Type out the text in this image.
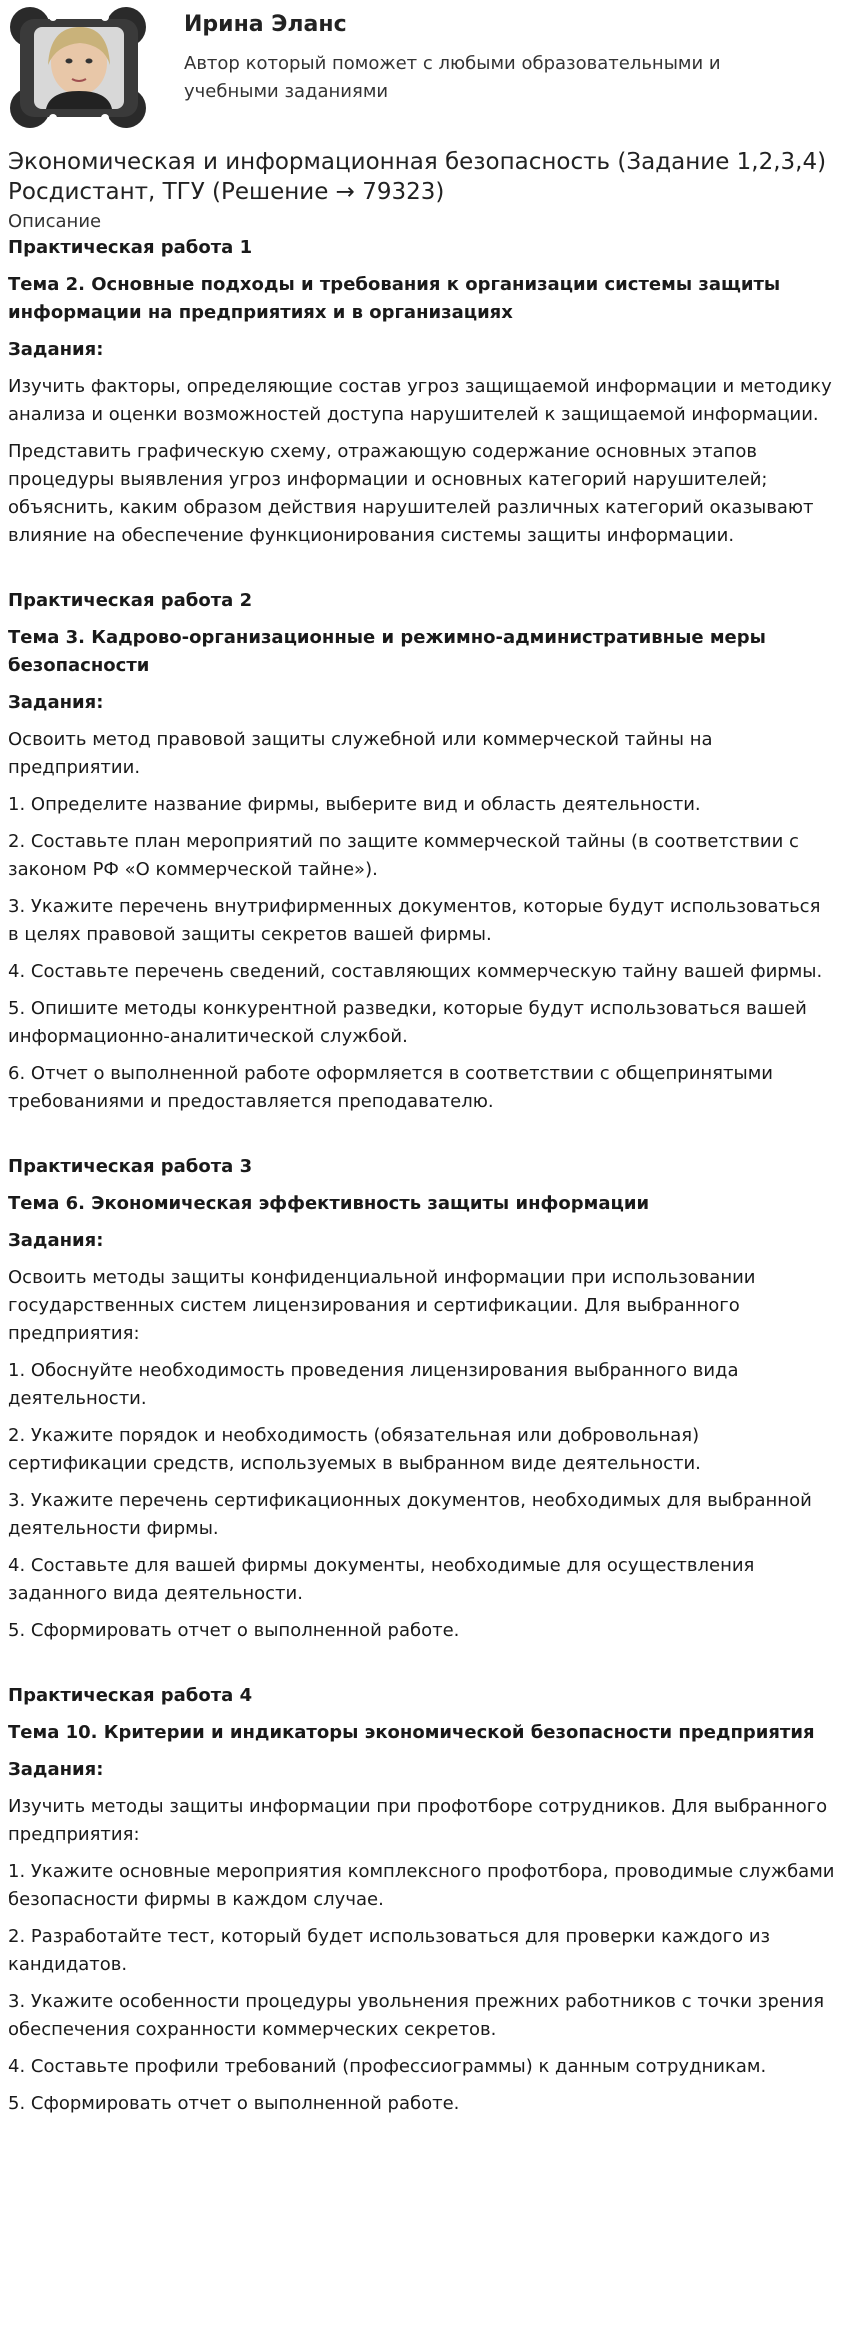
Ирина Эланс

Автор который поможет с любыми образовательными и учебными заданиями

Экономическая и информационная безопасность (Задание 1,2,3,4) Росдистант, ТГУ (Решение → 79323)

Описание

Практическая работа 1

Тема 2. Основные подходы и требования к организации системы защиты информации на предприятиях и в организациях

Задания:

Изучить факторы, определяющие состав угроз защищаемой информации и методику анализа и оценки возможностей доступа нарушителей к защищаемой информации.

Представить графическую схему, отражающую содержание основных этапов процедуры выявления угроз информации и основных категорий нарушителей; объяснить, каким образом действия нарушителей различных категорий оказывают влияние на обеспечение функционирования системы защиты информации.

Практическая работа 2

Тема 3. Кадрово-организационные и режимно-административные меры безопасности

Задания:

Освоить метод правовой защиты служебной или коммерческой тайны на предприятии.

1. Определите название фирмы, выберите вид и область деятельности.

2. Составьте план мероприятий по защите коммерческой тайны (в соответствии с законом РФ «О коммерческой тайне»).

3. Укажите перечень внутрифирменных документов, которые будут использоваться в целях правовой защиты секретов вашей фирмы.

4. Составьте перечень сведений, составляющих коммерческую тайну вашей фирмы.

5. Опишите методы конкурентной разведки, которые будут использоваться вашей информационно-аналитической службой.

6. Отчет о выполненной работе оформляется в соответствии с общепринятыми требованиями и предоставляется преподавателю.

Практическая работа 3

Тема 6. Экономическая эффективность защиты информации

Задания:

Освоить методы защиты конфиденциальной информации при использовании государственных систем лицензирования и сертификации. Для выбранного предприятия:

1. Обоснуйте необходимость проведения лицензирования выбранного вида деятельности.

2. Укажите порядок и необходимость (обязательная или добровольная) сертификации средств, используемых в выбранном виде деятельности.

3. Укажите перечень сертификационных документов, необходимых для выбранной деятельности фирмы.

4. Составьте для вашей фирмы документы, необходимые для осуществления заданного вида деятельности.

5. Сформировать отчет о выполненной работе.

Практическая работа 4

Тема 10. Критерии и индикаторы экономической безопасности предприятия

Задания:

Изучить методы защиты информации при профотборе сотрудников. Для выбранного предприятия:

1. Укажите основные мероприятия комплексного профотбора, проводимые службами безопасности фирмы в каждом случае.

2. Разработайте тест, который будет использоваться для проверки каждого из кандидатов.

3. Укажите особенности процедуры увольнения прежних работников с точки зрения обеспечения сохранности коммерческих секретов.

4. Составьте профили требований (профессиограммы) к данным сотрудникам.

5. Сформировать отчет о выполненной работе.
